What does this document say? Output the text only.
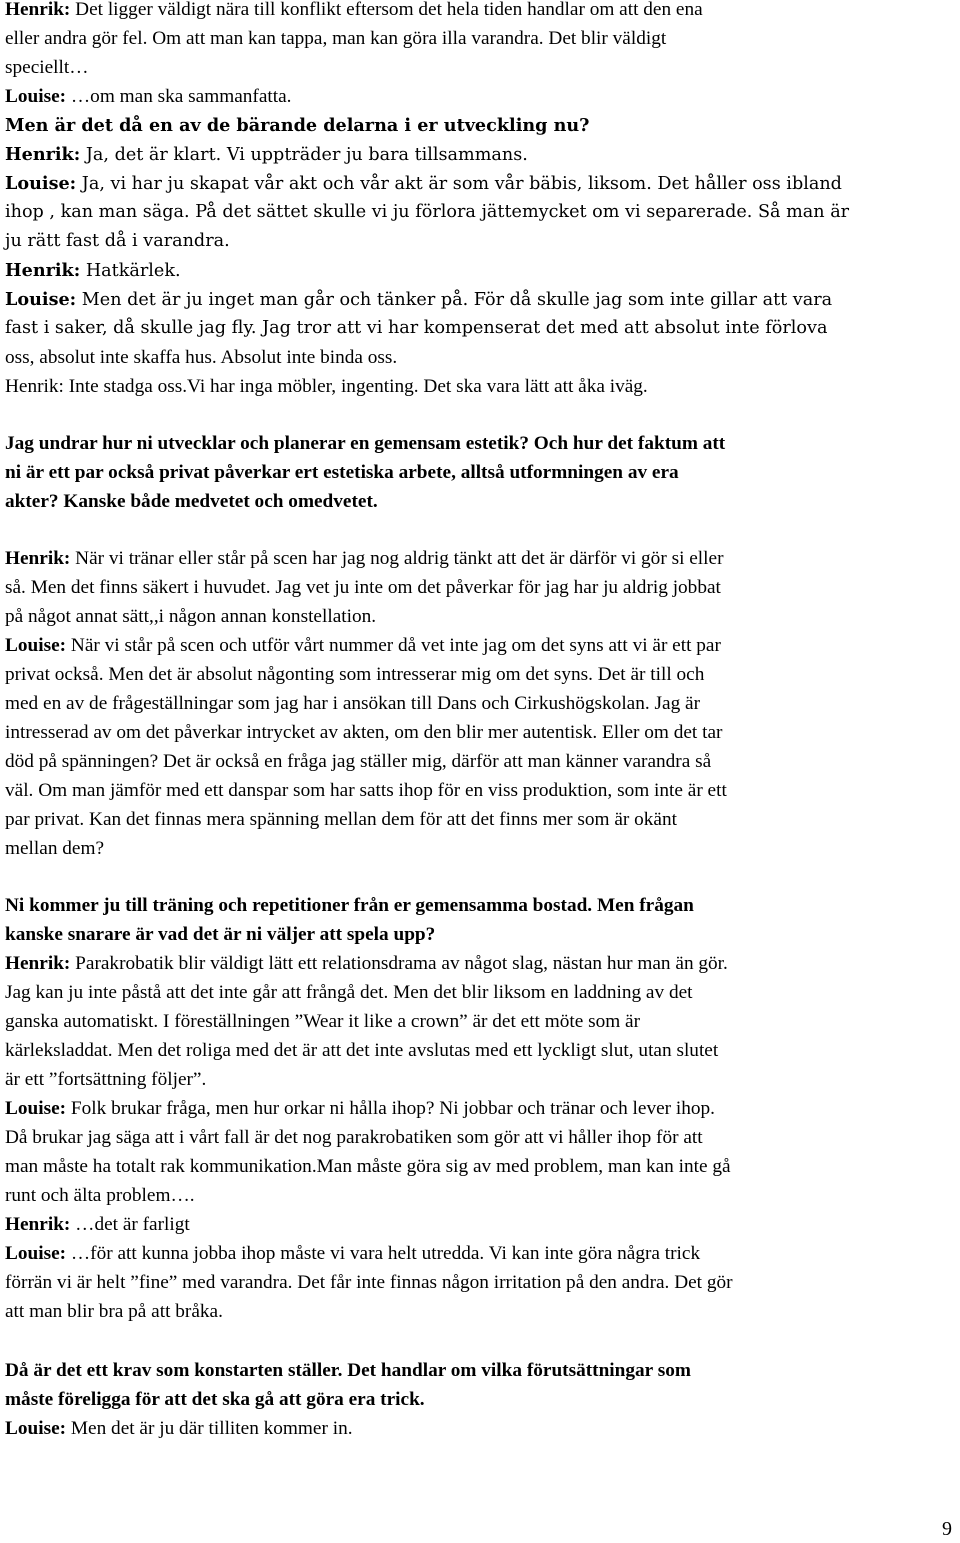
Henrik: Det ligger väldigt nära till konflikt eftersom det hela tiden handlar om att den ena
eller andra gör fel. Om att man kan tappa, man kan göra illa varandra. Det blir väldigt
speciellt…
Louise: …om man ska sammanfatta.
Men är det då en av de bärande delarna i er utveckling nu?
Henrik: Ja, det är klart. Vi uppträder ju bara tillsammans.
Louise: Ja, vi har ju skapat vår akt och vår akt är som vår bäbis, liksom. Det håller oss ibland
ihop , kan man säga. På det sättet skulle vi ju förlora jättemycket om vi separerade. Så man är
ju rätt fast då i varandra.
Henrik: Hatkärlek.
Louise: Men det är ju inget man går och tänker på. För då skulle jag som inte gillar att vara
fast i saker, då skulle jag fly. Jag tror att vi har kompenserat det med att absolut inte förlova
oss, absolut inte skaffa hus. Absolut inte binda oss.
Henrik: Inte stadga oss.Vi har inga möbler, ingenting. Det ska vara lätt att åka iväg.
Jag undrar hur ni utvecklar och planerar en gemensam estetik? Och hur det faktum att
ni är ett par också privat påverkar ert estetiska arbete, alltså utformningen av era
akter? Kanske både medvetet och omedvetet.
Henrik: När vi tränar eller står på scen har jag nog aldrig tänkt att det är därför vi gör si eller
så. Men det finns säkert i huvudet. Jag vet ju inte om det påverkar för jag har ju aldrig jobbat
på något annat sätt,,i någon annan konstellation.
Louise: När vi står på scen och utför vårt nummer då vet inte jag om det syns att vi är ett par
privat också. Men det är absolut någonting som intresserar mig om det syns. Det är till och
med en av de frågeställningar som jag har i ansökan till Dans och Cirkushögskolan. Jag är
intresserad av om det påverkar intrycket av akten, om den blir mer autentisk. Eller om det tar
död på spänningen? Det är också en fråga jag ställer mig, därför att man känner varandra så
väl. Om man jämför med ett danspar som har satts ihop för en viss produktion, som inte är ett
par privat. Kan det finnas mera spänning mellan dem för att det finns mer som är okänt
mellan dem?
Ni kommer ju till träning och repetitioner från er gemensamma bostad. Men frågan
kanske snarare är vad det är ni väljer att spela upp?
Henrik: Parakrobatik blir väldigt lätt ett relationsdrama av något slag, nästan hur man än gör.
Jag kan ju inte påstå att det inte går att frångå det. Men det blir liksom en laddning av det
ganska automatiskt. I föreställningen ”Wear it like a crown” är det ett möte som är
kärleksladdat. Men det roliga med det är att det inte avslutas med ett lyckligt slut, utan slutet
är ett ”fortsättning följer”.
Louise: Folk brukar fråga, men hur orkar ni hålla ihop? Ni jobbar och tränar och lever ihop.
Då brukar jag säga att i vårt fall är det nog parakrobatiken som gör att vi håller ihop för att
man måste ha totalt rak kommunikation.Man måste göra sig av med problem, man kan inte gå
runt och älta problem….
Henrik: …det är farligt
Louise: …för att kunna jobba ihop måste vi vara helt utredda. Vi kan inte göra några trick
förrän vi är helt ”fine” med varandra. Det får inte finnas någon irritation på den andra. Det gör
att man blir bra på att bråka.
Då är det ett krav som konstarten ställer. Det handlar om vilka förutsättningar som
måste föreligga för att det ska gå att göra era trick.
Louise: Men det är ju där tilliten kommer in.
9
